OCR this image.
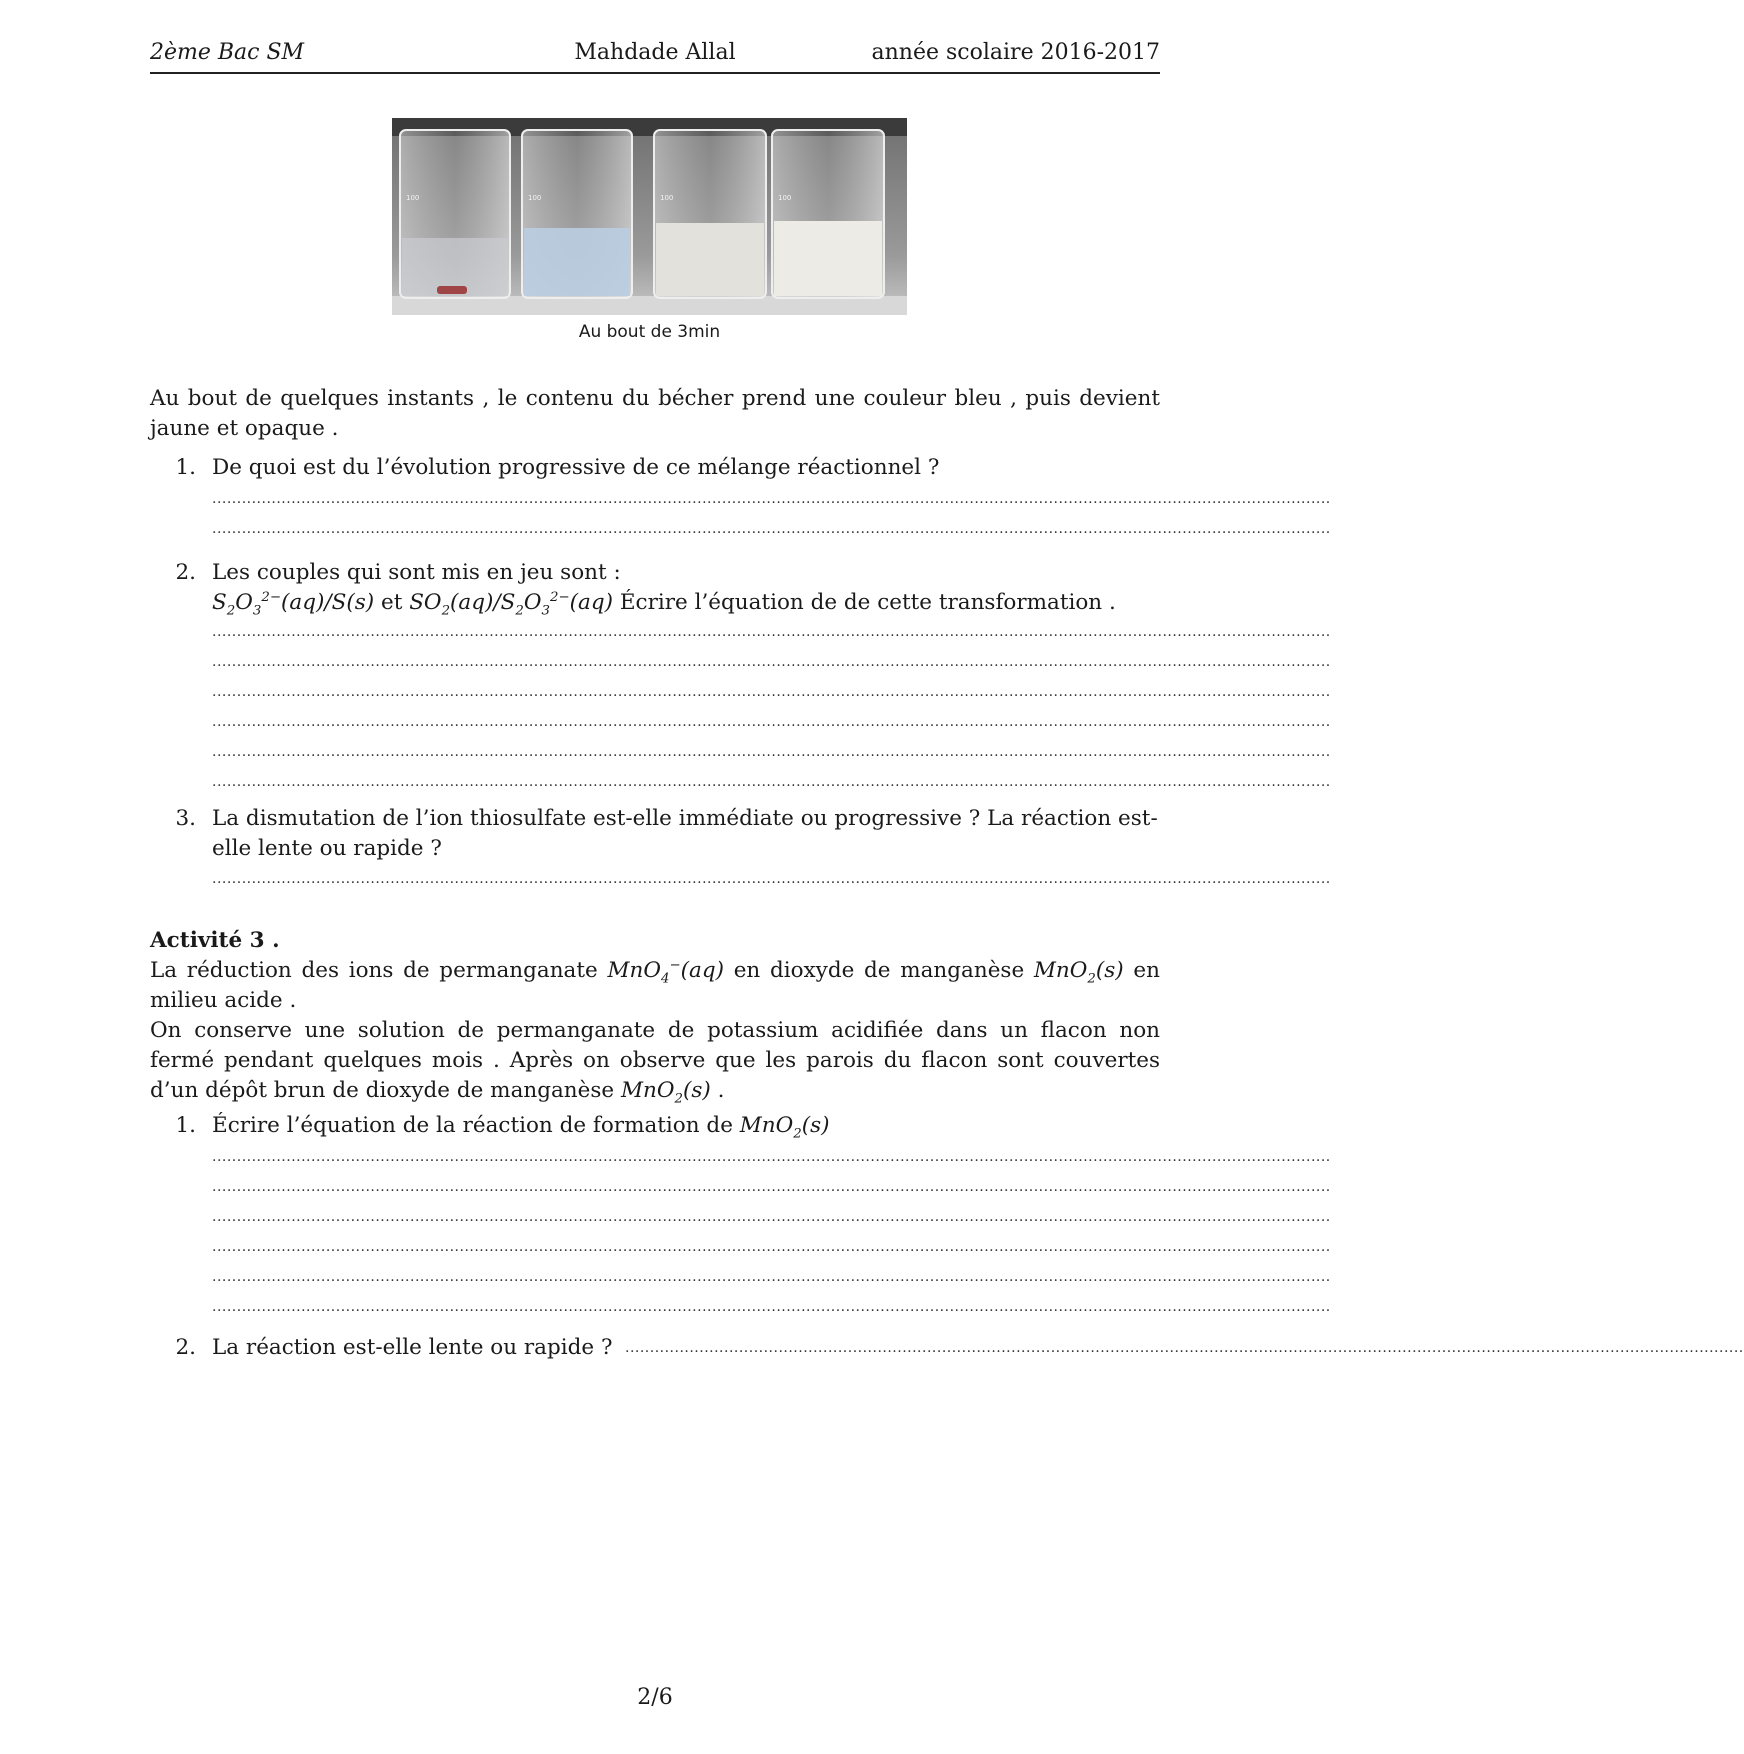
2ème Bac SM	Mahdade Allal	année scolaire 2016-2017
100	100	100	100
Au bout de 3min
Au bout de quelques instants , le contenu du bécher prend une couleur bleu , puis devient jaune et opaque .
1. De quoi est du l’évolution progressive de ce mélange réactionnel ?
..................................................................................................................................................................................................................................
..................................................................................................................................................................................................................................
2. Les couples qui sont mis en jeu sont :
$S_2O_3^{2-}(aq)/S(s)$ et $SO_2(aq)/S_2O_3^{2-}(aq)$ Écrire l’équation de de cette transformation .
..................................................................................................................................................................................................................................
..................................................................................................................................................................................................................................
..................................................................................................................................................................................................................................
..................................................................................................................................................................................................................................
..................................................................................................................................................................................................................................
..................................................................................................................................................................................................................................
3. La dismutation de l’ion thiosulfate est-elle immédiate ou progressive ? La réaction est-elle lente ou rapide ?
..................................................................................................................................................................................................................................
Activité 3 .
La réduction des ions de permanganate MnO$_4$−(aq) en dioxyde de manganèse MnO$_2$(s) en milieu acide .
On conserve une solution de permanganate de potassium acidifiée dans un flacon non fermé pendant quelques mois . Après on observe que les parois du flacon sont couvertes d’un dépôt brun de dioxyde de manganèse MnO$_2$(s) .
1. Écrire l’équation de la réaction de formation de MnO$_2$(s)
..................................................................................................................................................................................................................................
..................................................................................................................................................................................................................................
..................................................................................................................................................................................................................................
..................................................................................................................................................................................................................................
..................................................................................................................................................................................................................................
..................................................................................................................................................................................................................................
2. La réaction est-elle lente ou rapide ? ..................................................................................................................................................................................................................................
2/6
